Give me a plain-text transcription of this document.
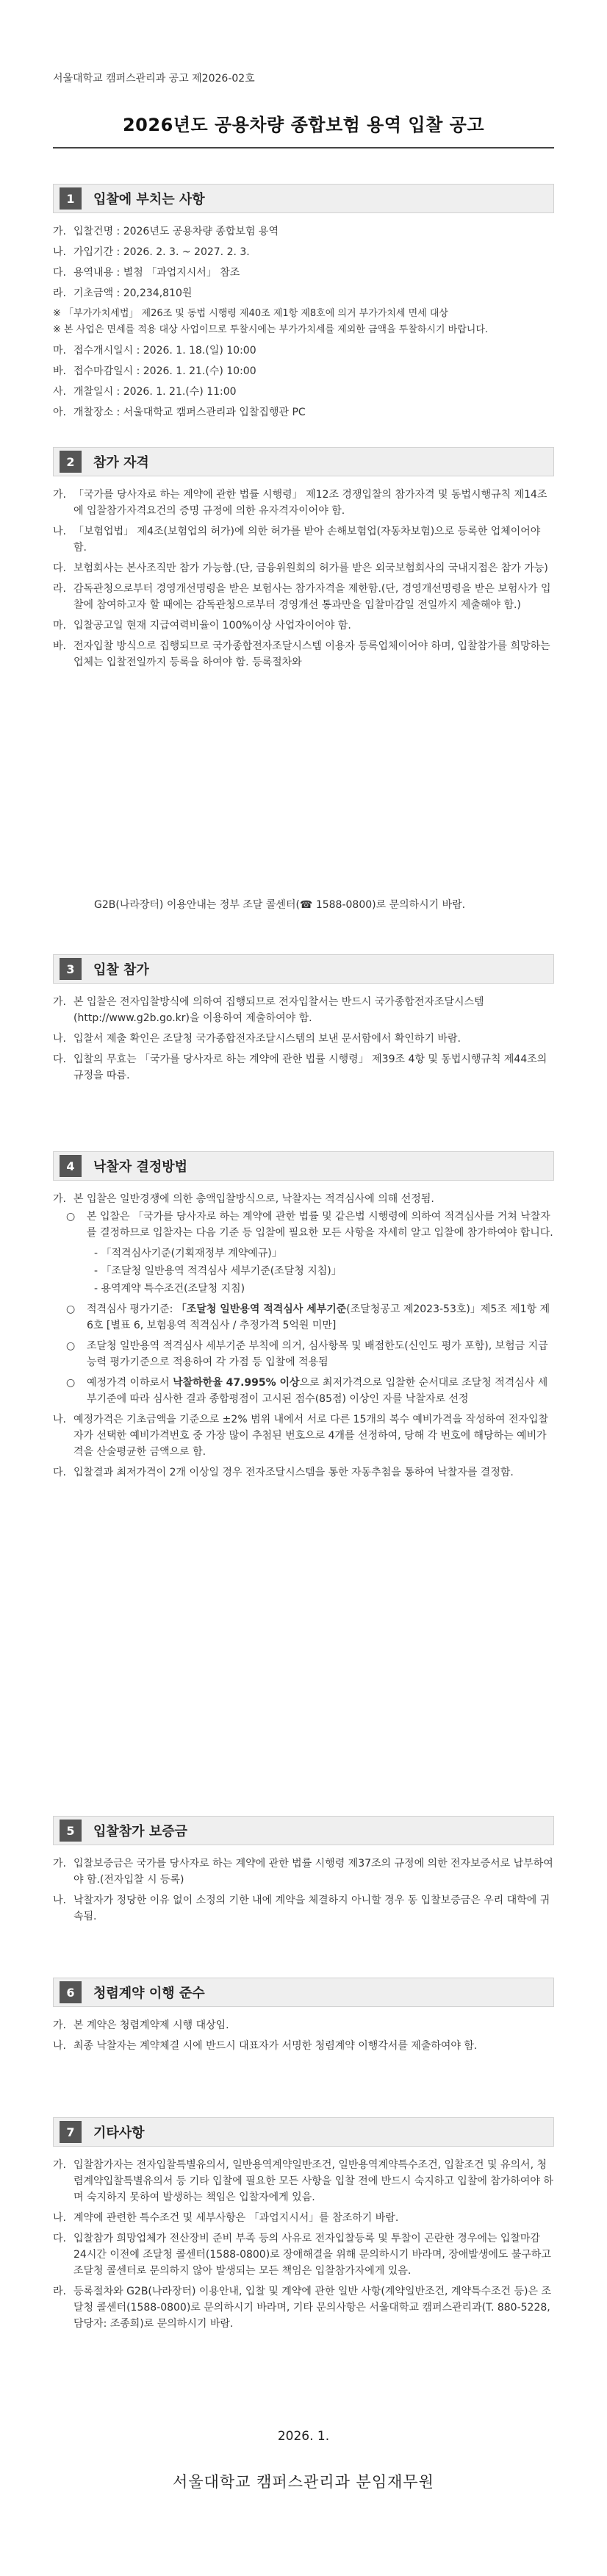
서울대학교 캠퍼스관리과 공고 제2026-02호
2026년도 공용차량 종합보험 용역 입찰 공고
1	입찰에 부치는 사항
가. 입찰건명 : 2026년도 공용차량 종합보험 용역
나. 가입기간 : 2026. 2. 3. ~ 2027. 2. 3.
다. 용역내용 : 별첨 「과업지시서」 참조
라. 기초금액 : 20,234,810원
※ 「부가가치세법」 제26조 및 동법 시행령 제40조 제1항 제8호에 의거 부가가치세 면세 대상
※ 본 사업은 면세를 적용 대상 사업이므로 투찰시에는 부가가치세를 제외한 금액을 투찰하시기 바랍니다.
마. 접수개시일시 : 2026. 1. 18.(일) 10:00
바. 접수마감일시 : 2026. 1. 21.(수) 10:00
사. 개찰일시 : 2026. 1. 21.(수) 11:00
아. 개찰장소 : 서울대학교 캠퍼스관리과 입찰집행관 PC
2	참가 자격
가. 「국가를 당사자로 하는 계약에 관한 법률 시행령」 제12조 경쟁입찰의 참가자격 및 동법시행규칙 제14조에 입찰참가자격요건의 증명 규정에 의한 유자격자이어야 함.
나. 「보험업법」 제4조(보험업의 허가)에 의한 허가를 받아 손해보험업(자동차보험)으로 등록한 업체이어야 함.
다. 보험회사는 본사조직만 참가 가능함.(단, 금융위원회의 허가를 받은 외국보험회사의 국내지점은 참가 가능)
라. 감독관청으로부터 경영개선명령을 받은 보험사는 참가자격을 제한함.(단, 경영개선명령을 받은 보험사가 입찰에 참여하고자 할 때에는 감독관청으로부터 경영개선 통과만을 입찰마감일 전일까지 제출해야 함.)
마. 입찰공고일 현재 지급여력비율이 100%이상 사업자이어야 함.
바. 전자입찰 방식으로 집행되므로 국가종합전자조달시스템 이용자 등록업체이어야 하며, 입찰참가를 희망하는 업체는 입찰전일까지 등록을 하여야 함. 등록절차와
G2B(나라장터) 이용안내는 정부 조달 콜센터(☎ 1588-0800)로 문의하시기 바람.
3	입찰 참가
가. 본 입찰은 전자입찰방식에 의하여 집행되므로 전자입찰서는 반드시 국가종합전자조달시스템(http://www.g2b.go.kr)을 이용하여 제출하여야 함.
나. 입찰서 제출 확인은 조달청 국가종합전자조달시스템의 보낸 문서함에서 확인하기 바람.
다. 입찰의 무효는 「국가를 당사자로 하는 계약에 관한 법률 시행령」 제39조 4항 및 동법시행규칙 제44조의 규정을 따름.
4	낙찰자 결정방법
가. 본 입찰은 일반경쟁에 의한 총액입찰방식으로, 낙찰자는 적격심사에 의해 선정됨.
○ 본 입찰은 「국가를 당사자로 하는 계약에 관한 법률 및 같은법 시행령에 의하여 적격심사를 거쳐 낙찰자를 결정하므로 입찰자는 다음 기준 등 입찰에 필요한 모든 사항을 자세히 알고 입찰에 참가하여야 합니다.
- 「적격심사기준(기획재정부 계약예규)」
- 「조달청 일반용역 적격심사 세부기준(조달청 지침)」
- 용역계약 특수조건(조달청 지침)
○ 적격심사 평가기준: 「조달청 일반용역 적격심사 세부기준(조달청공고 제2023-53호)」제5조 제1항 제6호 [별표 6, 보험용역 적격심사 / 추정가격 5억원 미만]
○ 조달청 일반용역 적격심사 세부기준 부칙에 의거, 심사항목 및 배점한도(신인도 평가 포함), 보험금 지급능력 평가기준으로 적용하여 각 가점 등 입찰에 적용됨
○ 예정가격 이하로서 낙찰하한율 47.995% 이상으로 최저가격으로 입찰한 순서대로 조달청 적격심사 세부기준에 따라 심사한 결과 종합평점이 고시된 점수(85점) 이상인 자를 낙찰자로 선정
나. 예정가격은 기초금액을 기준으로 ±2% 범위 내에서 서로 다른 15개의 복수 예비가격을 작성하여 전자입찰자가 선택한 예비가격번호 중 가장 많이 추첨된 번호으로 4개를 선정하여, 당해 각 번호에 해당하는 예비가격을 산술평균한 금액으로 함.
다. 입찰결과 최저가격이 2개 이상일 경우 전자조달시스템을 통한 자동추첨을 통하여 낙찰자를 결정함.
5	입찰참가 보증금
가. 입찰보증금은 국가를 당사자로 하는 계약에 관한 법률 시행령 제37조의 규정에 의한 전자보증서로 납부하여야 함.(전자입찰 시 등록)
나. 낙찰자가 정당한 이유 없이 소정의 기한 내에 계약을 체결하지 아니할 경우 동 입찰보증금은 우리 대학에 귀속됨.
6	청렴계약 이행 준수
가. 본 계약은 청렴계약제 시행 대상임.
나. 최종 낙찰자는 계약체결 시에 반드시 대표자가 서명한 청렴계약 이행각서를 제출하여야 함.
7	기타사항
가. 입찰참가자는 전자입찰특별유의서, 일반용역계약일반조건, 일반용역계약특수조건, 입찰조건 및 유의서, 청렴계약입찰특별유의서 등 기타 입찰에 필요한 모든 사항을 입찰 전에 반드시 숙지하고 입찰에 참가하여야 하며 숙지하지 못하여 발생하는 책임은 입찰자에게 있음.
나. 계약에 관련한 특수조건 및 세부사항은 「과업지시서」를 참조하기 바람.
다. 입찰참가 희망업체가 전산장비 준비 부족 등의 사유로 전자입찰등록 및 투찰이 곤란한 경우에는 입찰마감 24시간 이전에 조달청 콜센터(1588-0800)로 장애해결을 위해 문의하시기 바라며, 장애발생에도 불구하고 조달청 콜센터로 문의하지 않아 발생되는 모든 책임은 입찰참가자에게 있음.
라. 등록절차와 G2B(나라장터) 이용안내, 입찰 및 계약에 관한 일반 사항(계약일반조건, 계약특수조건 등)은 조달청 콜센터(1588-0800)로 문의하시기 바라며, 기타 문의사항은 서울대학교 캠퍼스관리과(T. 880-5228, 담당자: 조종희)로 문의하시기 바람.
2026. 1.
서울대학교 캠퍼스관리과 분임재무원
